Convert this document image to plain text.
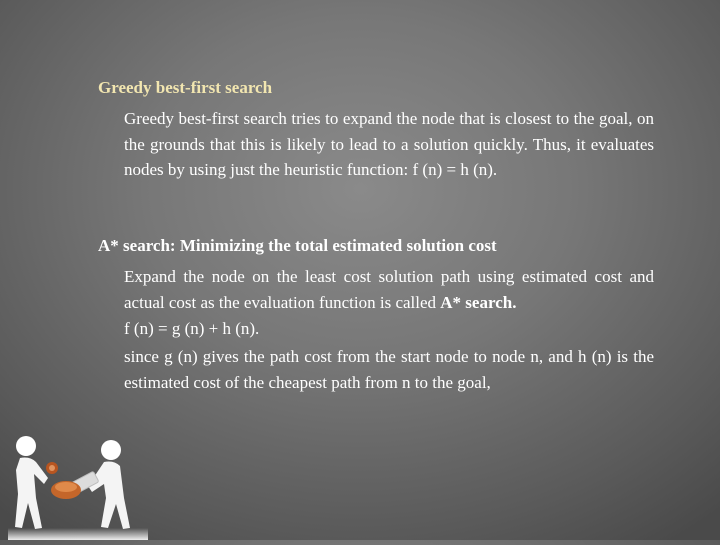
Greedy best-first search

Greedy best-first search tries to expand the node that is closest to the goal, on the grounds that this is likely to lead to a solution quickly. Thus, it evaluates nodes by using just the heuristic function: f (n) = h (n).

A* search: Minimizing the total estimated solution cost

Expand the node on the least cost solution path using estimated cost and actual cost as the evaluation function is called A* search.

f (n) = g (n) + h (n).

since g (n) gives the path cost from the start node to node n, and h (n) is the estimated cost of the cheapest path from n to the goal,
